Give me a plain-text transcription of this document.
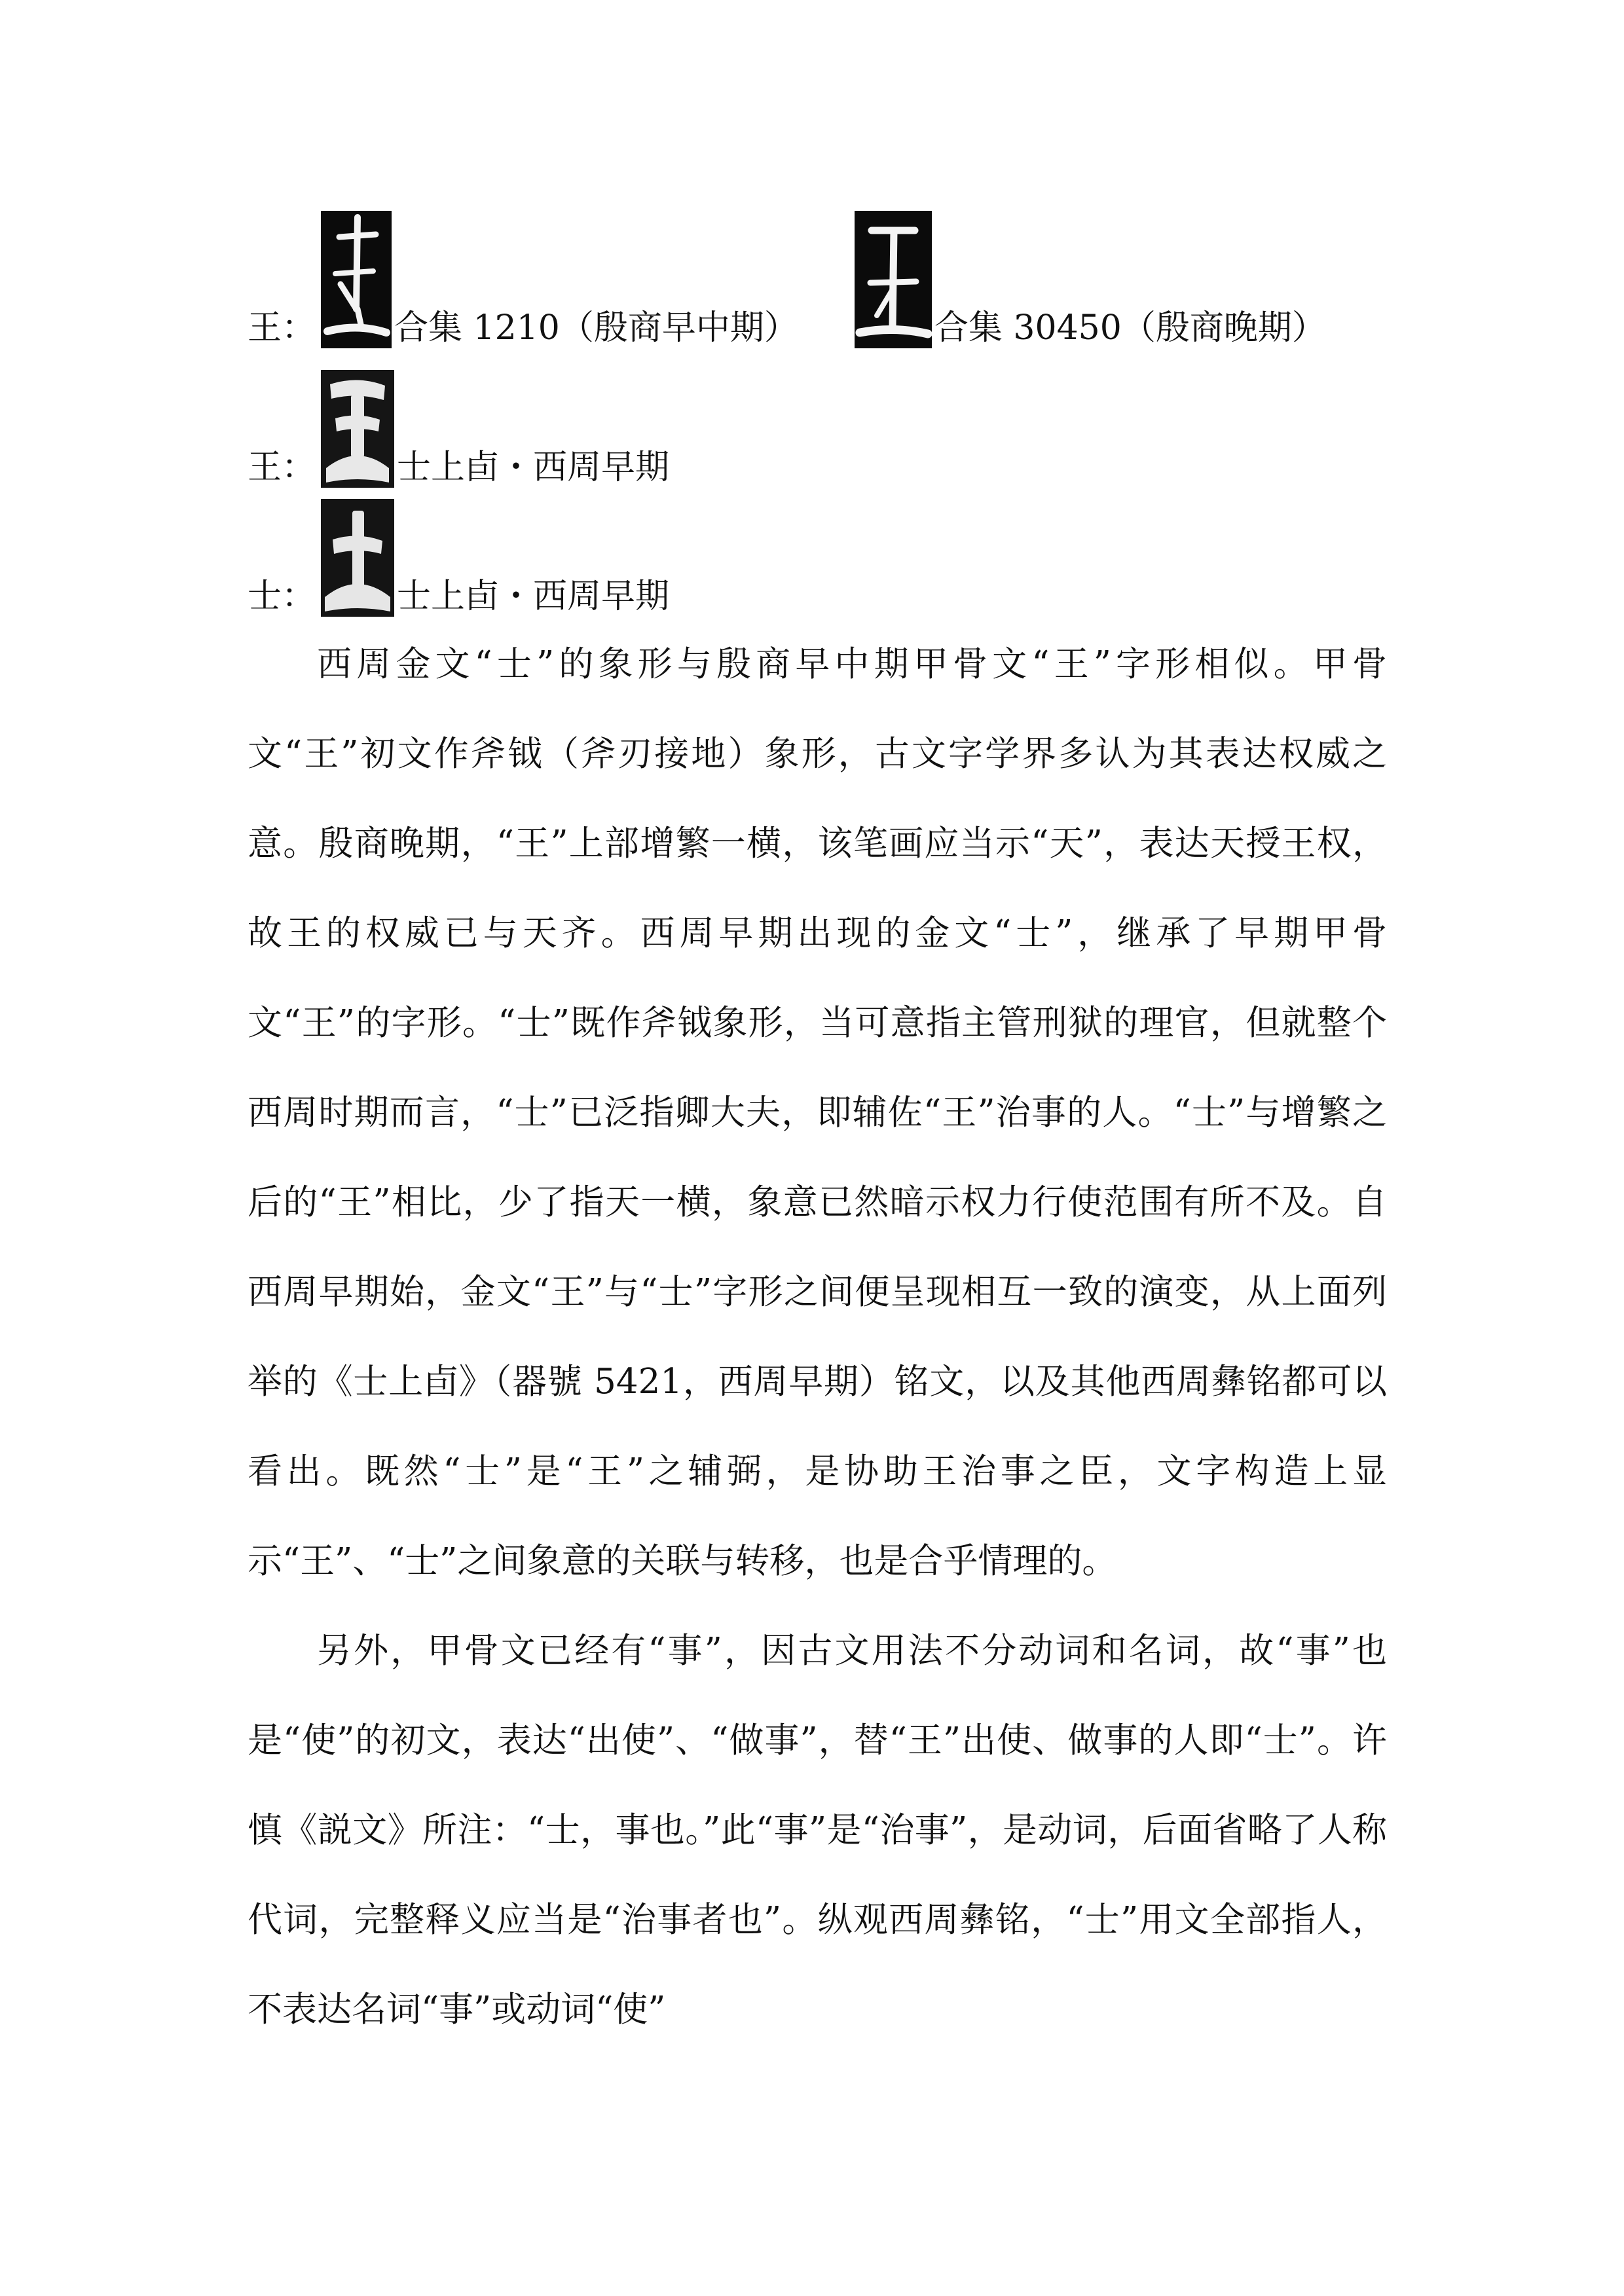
王： 合集 1210（殷商早中期）	合集 30450（殷商晚期）
王： 士上卣・西周早期
士： 士上卣・西周早期

西周金文“士”的象形与殷商早中期甲骨文“王”字形相似。甲骨文“王”初文作斧钺（斧刃接地）象形，古文字学界多认为其表达权威之意。殷商晚期，“王”上部增繁一横，该笔画应当示“天”，表达天授王权，故王的权威已与天齐。西周早期出现的金文“士”，继承了早期甲骨文“王”的字形。“士”既作斧钺象形，当可意指主管刑狱的理官，但就整个西周时期而言，“士”已泛指卿大夫，即辅佐“王”治事的人。“士”与增繁之后的“王”相比，少了指天一横，象意已然暗示权力行使范围有所不及。自西周早期始，金文“王”与“士”字形之间便呈现相互一致的演变，从上面列举的《士上卣》（器號 5421，西周早期）铭文，以及其他西周彝铭都可以看出。既然“士”是“王”之辅弼，是协助王治事之臣，文字构造上显示“王”、“士”之间象意的关联与转移，也是合乎情理的。

另外，甲骨文已经有“事”，因古文用法不分动词和名词，故“事”也是“使”的初文，表达“出使”、“做事”，替“王”出使、做事的人即“士”。许慎《説文》所注：“士，事也。”此“事”是“治事”，是动词，后面省略了人称代词，完整释义应当是“治事者也”。纵观西周彝铭，“士”用文全部指人，不表达名词“事”或动词“使”
